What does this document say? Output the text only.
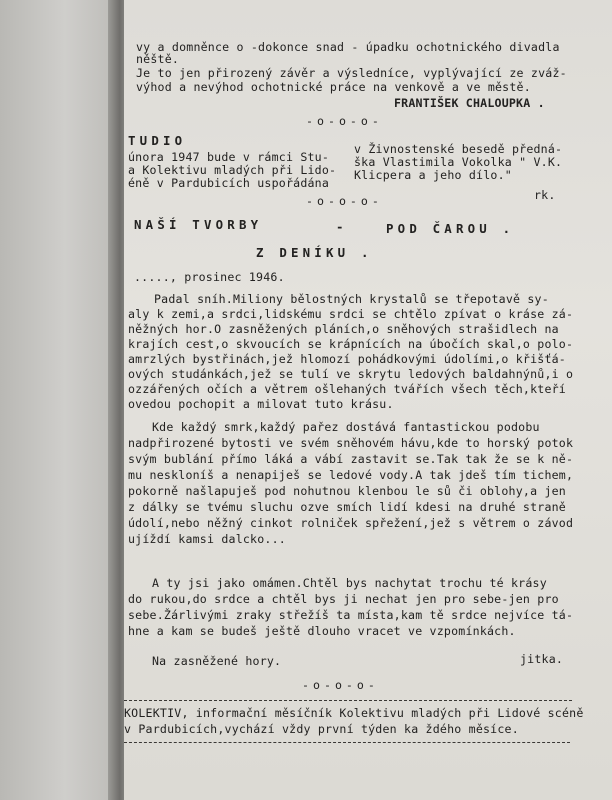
vy a domněnce o -dokonce snad - úpadku ochotnického divadla
něště.
Je to jen přirozený závěr a výsledníce, vyplývající ze zváž-
výhod a nevýhod ochotnické práce na venkově a ve městě.
FRANTIŠEK CHALOUPKA .
-o-o-o-
TUDIO
února 1947 bude v rámci Stu-
a Kolektivu mladých při Lido-
éně v Pardubicích uspořádána
v Živnostenské besedě předná-
ška Vlastimila Vokolka " V.K.
Klicpera a jeho dílo."
rk.
-o-o-o-
NAŠÍ TVORBY	-	POD ČAROU .
Z DENÍKU .
....., prosinec 1946.
Padal sníh.Miliony bělostných krystalů se třepotavě sy-
aly k zemi,a srdci,lidskému srdci se chtělo zpívat o kráse zá-
něžných hor.O zasněžených pláních,o sněhových strašidlech na
krajích cest,o skvoucích se krápnících na úbočích skal,o polo-
amrzlých bystřinách,jež hlomozí pohádkovými údolími,o křišťá-
ových studánkách,jež se tulí ve skrytu ledových baldahnýnů,i o
ozzářených očích a větrem ošlehaných tvářích všech těch,kteří
ovedou pochopit a milovat tuto krásu.
Kde každý smrk,každý pařez dostává fantastickou podobu
nadpřirozené bytosti ve svém sněhovém hávu,kde to horský potok
svým bublání přímo láká a vábí zastavit se.Tak tak že se k ně-
mu neskloníš a nenapiješ se ledové vody.A tak jdeš tím tichem,
pokorně našlapuješ pod nohutnou klenbou le sů či oblohy,a jen
z dálky se tvému sluchu ozve smích lidí kdesi na druhé straně
údolí,nebo něžný cinkot rolniček spřežení,jež s větrem o závod
ujíždí kamsi dalcko...
A ty jsi jako omámen.Chtěl bys nachytat trochu té krásy
do rukou,do srdce a chtěl bys ji nechat jen pro sebe-jen pro
sebe.Žárlivými zraky střežíš ta místa,kam tě srdce nejvíce tá-
hne a kam se budeš ještě dlouho vracet ve vzpomínkách.
Na zasněžené hory.	jitka.
-o-o-o-
KOLEKTIV, informační měsíčník Kolektivu mladých při Lidové scéně
v Pardubicích,vychází vždy první týden ka ždého měsíce.
